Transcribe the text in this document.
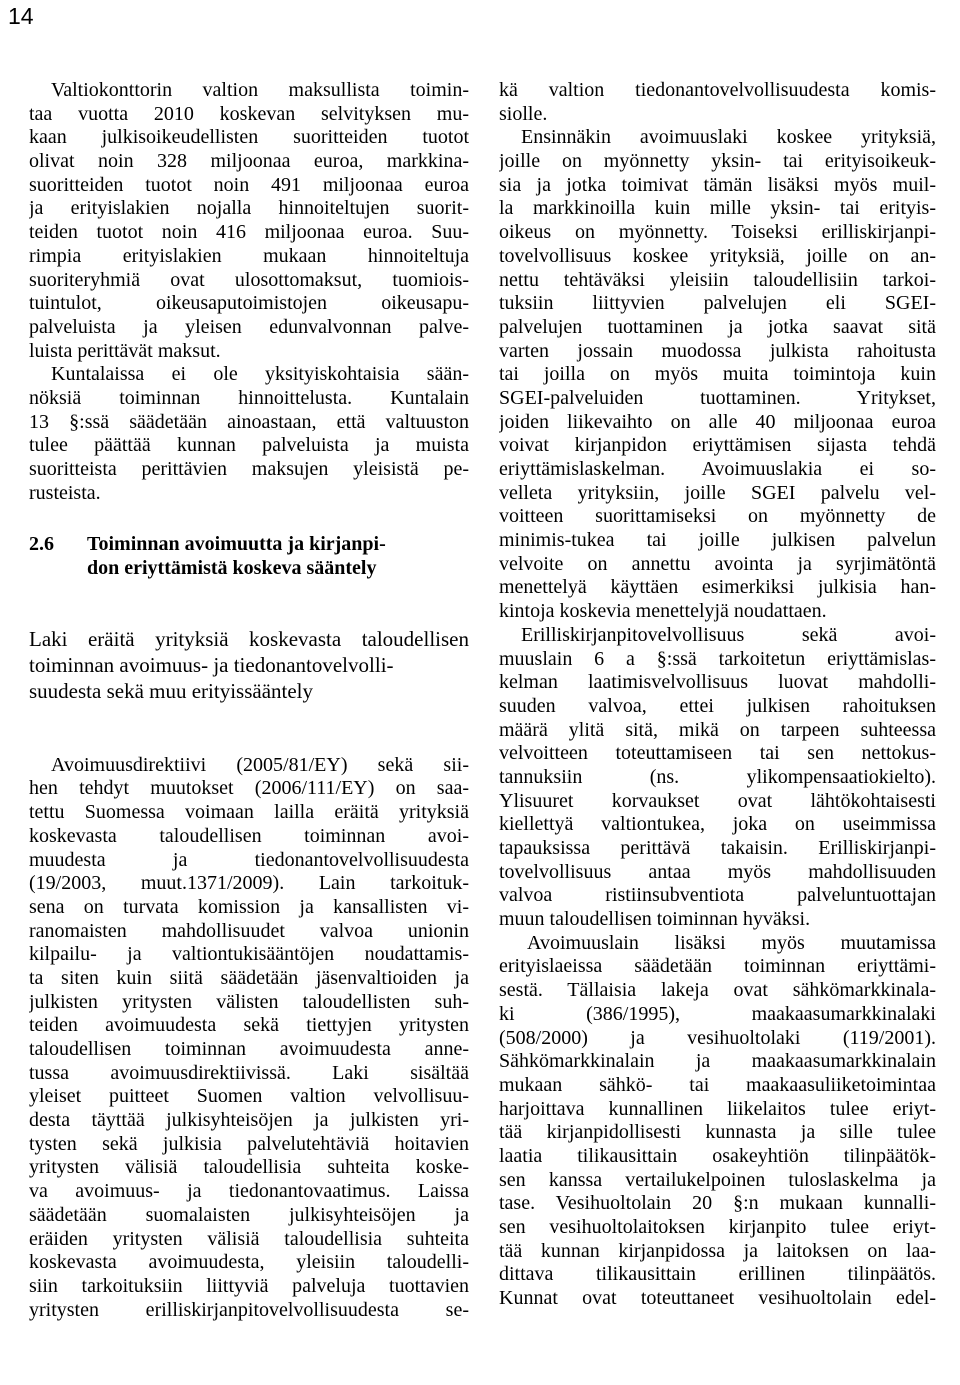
14
Valtiokonttorin valtion maksullista toimin-
taa vuotta 2010 koskevan selvityksen mu-
kaan julkisoikeudellisten suoritteiden tuotot
olivat noin 328 miljoonaa euroa, markkina-
suoritteiden tuotot noin 491 miljoonaa euroa
ja erityislakien nojalla hinnoiteltujen suorit-
teiden tuotot noin 416 miljoonaa euroa. Suu-
rimpia erityislakien mukaan hinnoiteltuja
suoriteryhmiä ovat ulosottomaksut, tuomiois-
tuintulot, oikeusaputoimistojen oikeusapu-
palveluista ja yleisen edunvalvonnan palve-
luista perittävät maksut.
Kuntalaissa ei ole yksityiskohtaisia sään-
nöksiä toiminnan hinnoittelusta. Kuntalain
13 §:ssä säädetään ainoastaan, että valtuuston
tulee päättää kunnan palveluista ja muista
suoritteista perittävien maksujen yleisistä pe-
rusteista.
2.6 Toiminnan avoimuutta ja kirjanpi-
don eriyttämistä koskeva sääntely
Laki eräitä yrityksiä koskevasta taloudellisen
toiminnan avoimuus- ja tiedonantovelvolli-
suudesta sekä muu erityissääntely
Avoimuusdirektiivi (2005/81/EY) sekä sii-
hen tehdyt muutokset (2006/111/EY) on saa-
tettu Suomessa voimaan lailla eräitä yrityksiä
koskevasta taloudellisen toiminnan avoi-
muudesta ja tiedonantovelvollisuudesta
(19/2003, muut.1371/2009). Lain tarkoituk-
sena on turvata komission ja kansallisten vi-
ranomaisten mahdollisuudet valvoa unionin
kilpailu- ja valtiontukisääntöjen noudattamis-
ta siten kuin siitä säädetään jäsenvaltioiden ja
julkisten yritysten välisten taloudellisten suh-
teiden avoimuudesta sekä tiettyjen yritysten
taloudellisen toiminnan avoimuudesta anne-
tussa avoimuusdirektiivissä. Laki sisältää
yleiset puitteet Suomen valtion velvollisuu-
desta täyttää julkisyhteisöjen ja julkisten yri-
tysten sekä julkisia palvelutehtäviä hoitavien
yritysten välisiä taloudellisia suhteita koske-
va avoimuus- ja tiedonantovaatimus. Laissa
säädetään suomalaisten julkisyhteisöjen ja
eräiden yritysten välisiä taloudellisia suhteita
koskevasta avoimuudesta, yleisiin taloudelli-
siin tarkoituksiin liittyviä palveluja tuottavien
yritysten erilliskirjanpitovelvollisuudesta se-
kä valtion tiedonantovelvollisuudesta komis-
siolle.
Ensinnäkin avoimuuslaki koskee yrityksiä,
joille on myönnetty yksin- tai erityisoikeuk-
sia ja jotka toimivat tämän lisäksi myös muil-
la markkinoilla kuin mille yksin- tai erityis-
oikeus on myönnetty. Toiseksi erilliskirjanpi-
tovelvollisuus koskee yrityksiä, joille on an-
nettu tehtäväksi yleisiin taloudellisiin tarkoi-
tuksiin liittyvien palvelujen eli SGEI-
palvelujen tuottaminen ja jotka saavat sitä
varten jossain muodossa julkista rahoitusta
tai joilla on myös muita toimintoja kuin
SGEI-palveluiden tuottaminen. Yritykset,
joiden liikevaihto on alle 40 miljoonaa euroa
voivat kirjanpidon eriyttämisen sijasta tehdä
eriyttämislaskelman. Avoimuuslakia ei so-
velleta yrityksiin, joille SGEI palvelu vel-
voitteen suorittamiseksi on myönnetty de
minimis-tukea tai joille julkisen palvelun
velvoite on annettu avointa ja syrjimätöntä
menettelyä käyttäen esimerkiksi julkisia han-
kintoja koskevia menettelyjä noudattaen.
Erilliskirjanpitovelvollisuus sekä avoi-
muuslain 6 a §:ssä tarkoitetun eriyttämislas-
kelman laatimisvelvollisuus luovat mahdolli-
suuden valvoa, ettei julkisen rahoituksen
määrä ylitä sitä, mikä on tarpeen suhteessa
velvoitteen toteuttamiseen tai sen nettokus-
tannuksiin (ns. ylikompensaatiokielto).
Ylisuuret korvaukset ovat lähtökohtaisesti
kiellettyä valtiontukea, joka on useimmissa
tapauksissa perittävä takaisin. Erilliskirjanpi-
tovelvollisuus antaa myös mahdollisuuden
valvoa ristiinsubventiota palveluntuottajan
muun taloudellisen toiminnan hyväksi.
Avoimuuslain lisäksi myös muutamissa
erityislaeissa säädetään toiminnan eriyttämi-
sestä. Tällaisia lakeja ovat sähkömarkkinala-
ki (386/1995), maakaasumarkkinalaki
(508/2000) ja vesihuoltolaki (119/2001).
Sähkömarkkinalain ja maakaasumarkkinalain
mukaan sähkö- tai maakaasuliiketoimintaa
harjoittava kunnallinen liikelaitos tulee eriyt-
tää kirjanpidollisesti kunnasta ja sille tulee
laatia tilikausittain osakeyhtiön tilinpäätök-
sen kanssa vertailukelpoinen tuloslaskelma ja
tase. Vesihuoltolain 20 §:n mukaan kunnalli-
sen vesihuoltolaitoksen kirjanpito tulee eriyt-
tää kunnan kirjanpidossa ja laitoksen on laa-
dittava tilikausittain erillinen tilinpäätös.
Kunnat ovat toteuttaneet vesihuoltolain edel-
